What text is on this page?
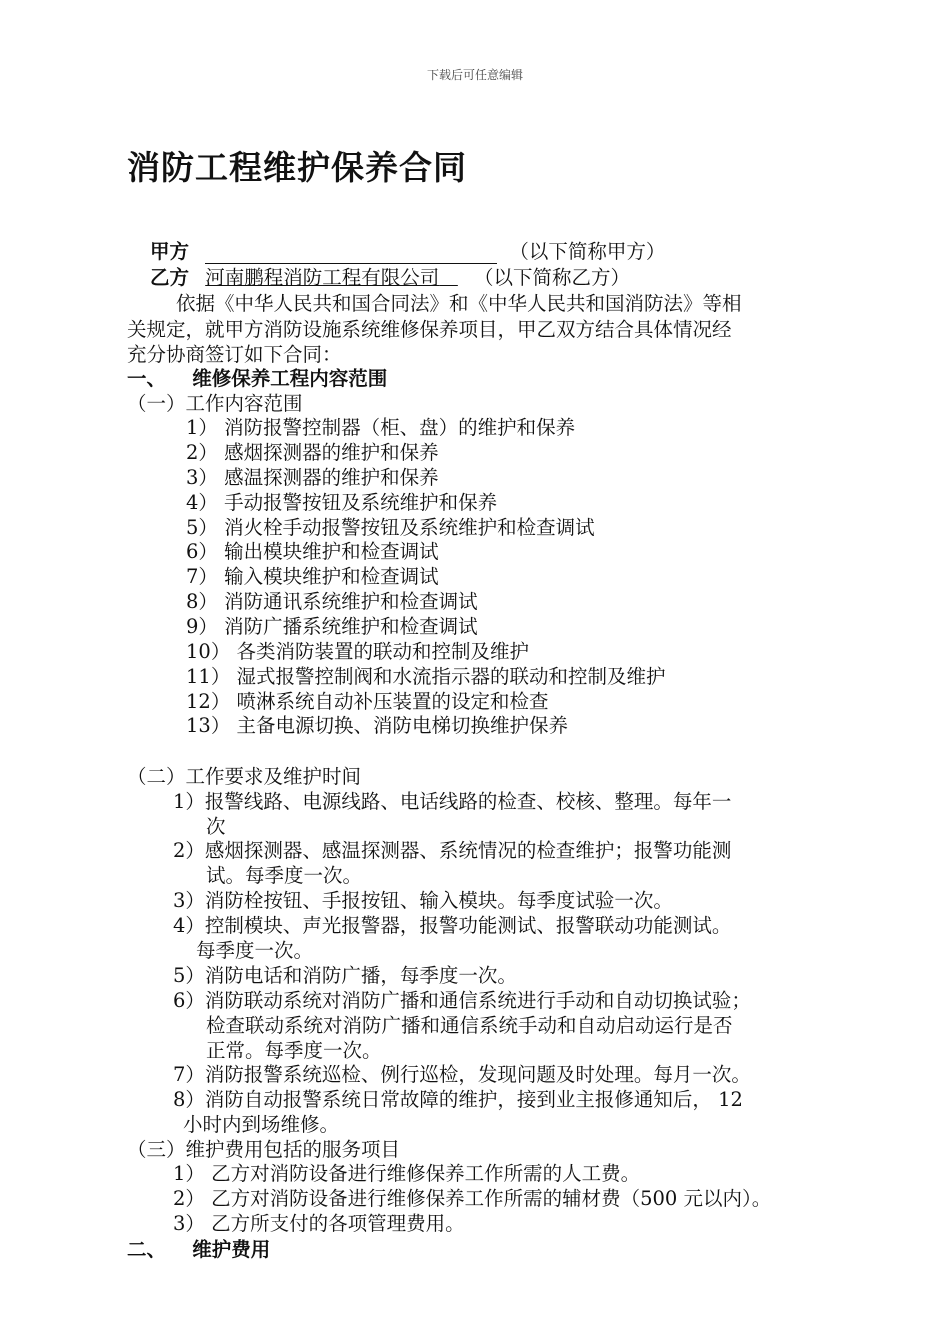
下载后可任意编辑
消防工程维护保养合同
甲方	（以下简称甲方）
乙方 河南鹏程消防工程有限公司 （以下简称乙方）
依据《中华人民共和国合同法》和《中华人民共和国消防法》等相
关规定，就甲方消防设施系统维修保养项目，甲乙双方结合具体情况经
充分协商签订如下合同：
一、 维修保养工程内容范围
（一）工作内容范围
1） 消防报警控制器（柜、盘）的维护和保养
2） 感烟探测器的维护和保养
3） 感温探测器的维护和保养
4） 手动报警按钮及系统维护和保养
5） 消火栓手动报警按钮及系统维护和检查调试
6） 输出模块维护和检查调试
7） 输入模块维护和检查调试
8） 消防通讯系统维护和检查调试
9） 消防广播系统维护和检查调试
10） 各类消防装置的联动和控制及维护
11） 湿式报警控制阀和水流指示器的联动和控制及维护
12） 喷淋系统自动补压装置的设定和检查
13） 主备电源切换、消防电梯切换维护保养
（二）工作要求及维护时间
1）报警线路、电源线路、电话线路的检查、校核、整理。每年一
次
2）感烟探测器、感温探测器、系统情况的检查维护；报警功能测
试。每季度一次。
3）消防栓按钮、手报按钮、输入模块。每季度试验一次。
4）控制模块、声光报警器，报警功能测试、报警联动功能测试。
每季度一次。
5）消防电话和消防广播，每季度一次。
6）消防联动系统对消防广播和通信系统进行手动和自动切换试验；
检查联动系统对消防广播和通信系统手动和自动启动运行是否
正常。每季度一次。
7）消防报警系统巡检、例行巡检，发现问题及时处理。每月一次。
8）消防自动报警系统日常故障的维护，接到业主报修通知后， 12
小时内到场维修。
（三）维护费用包括的服务项目
1） 乙方对消防设备进行维修保养工作所需的人工费。
2） 乙方对消防设备进行维修保养工作所需的辅材费（500 元以内）。
3） 乙方所支付的各项管理费用。
二、 维护费用
